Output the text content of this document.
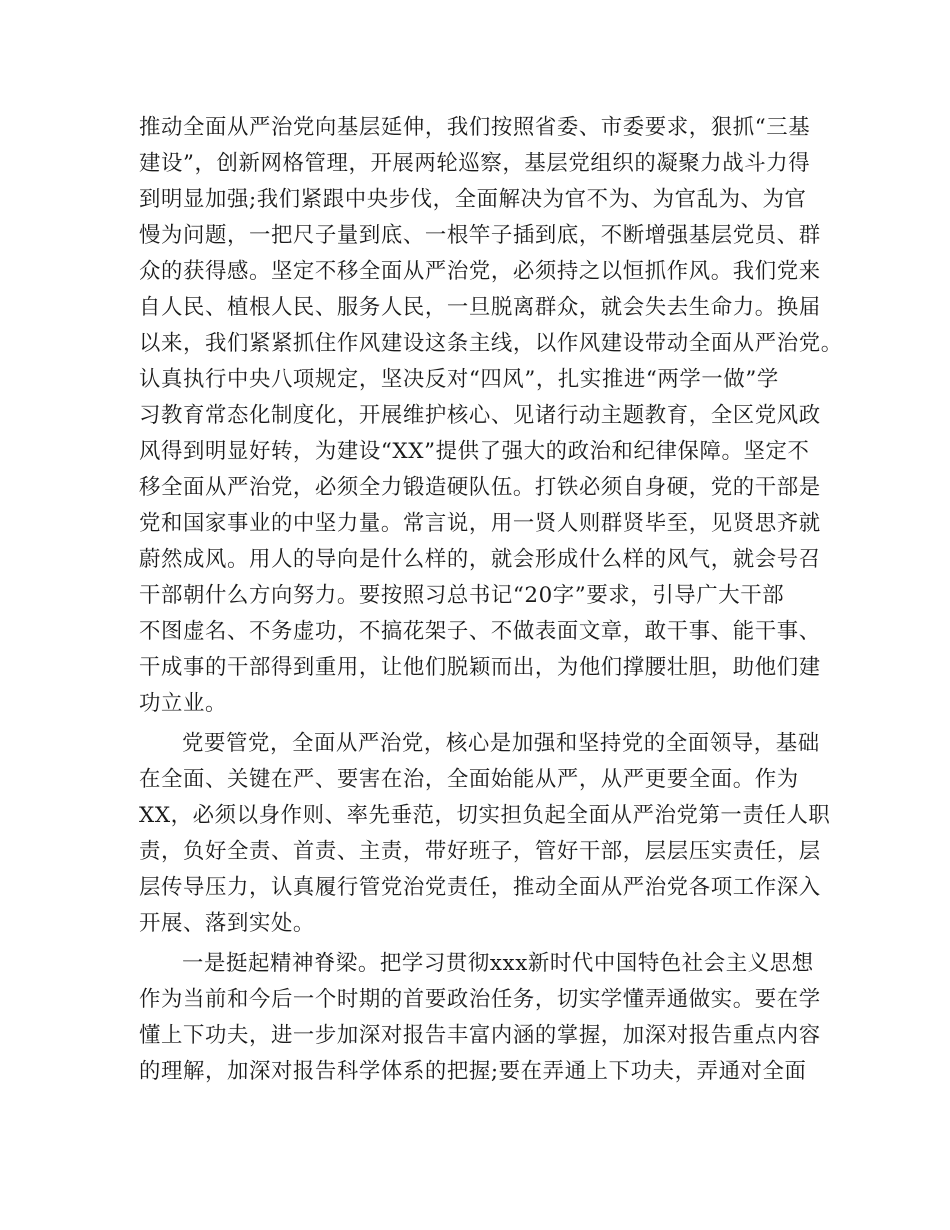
推动全面从严治党向基层延伸，我们按照省委、市委要求，狠抓“三基
建设”，创新网格管理，开展两轮巡察，基层党组织的凝聚力战斗力得
到明显加强;我们紧跟中央步伐，全面解决为官不为、为官乱为、为官
慢为问题，一把尺子量到底、一根竿子插到底，不断增强基层党员、群
众的获得感。坚定不移全面从严治党，必须持之以恒抓作风。我们党来
自人民、植根人民、服务人民，一旦脱离群众，就会失去生命力。换届
以来，我们紧紧抓住作风建设这条主线，以作风建设带动全面从严治党。
认真执行中央八项规定，坚决反对“四风”，扎实推进“两学一做”学
习教育常态化制度化，开展维护核心、见诸行动主题教育，全区党风政
风得到明显好转，为建设“XX”提供了强大的政治和纪律保障。坚定不
移全面从严治党，必须全力锻造硬队伍。打铁必须自身硬，党的干部是
党和国家事业的中坚力量。常言说，用一贤人则群贤毕至，见贤思齐就
蔚然成风。用人的导向是什么样的，就会形成什么样的风气，就会号召
干部朝什么方向努力。要按照习总书记“20字”要求，引导广大干部
不图虚名、不务虚功，不搞花架子、不做表面文章，敢干事、能干事、
干成事的干部得到重用，让他们脱颖而出，为他们撑腰壮胆，助他们建
功立业。
党要管党，全面从严治党，核心是加强和坚持党的全面领导，基础
在全面、关键在严、要害在治，全面始能从严，从严更要全面。作为
XX，必须以身作则、率先垂范，切实担负起全面从严治党第一责任人职
责，负好全责、首责、主责，带好班子，管好干部，层层压实责任，层
层传导压力，认真履行管党治党责任，推动全面从严治党各项工作深入
开展、落到实处。
一是挺起精神脊梁。把学习贯彻xxx新时代中国特色社会主义思想
作为当前和今后一个时期的首要政治任务，切实学懂弄通做实。要在学
懂上下功夫，进一步加深对报告丰富内涵的掌握，加深对报告重点内容
的理解，加深对报告科学体系的把握;要在弄通上下功夫，弄通对全面
